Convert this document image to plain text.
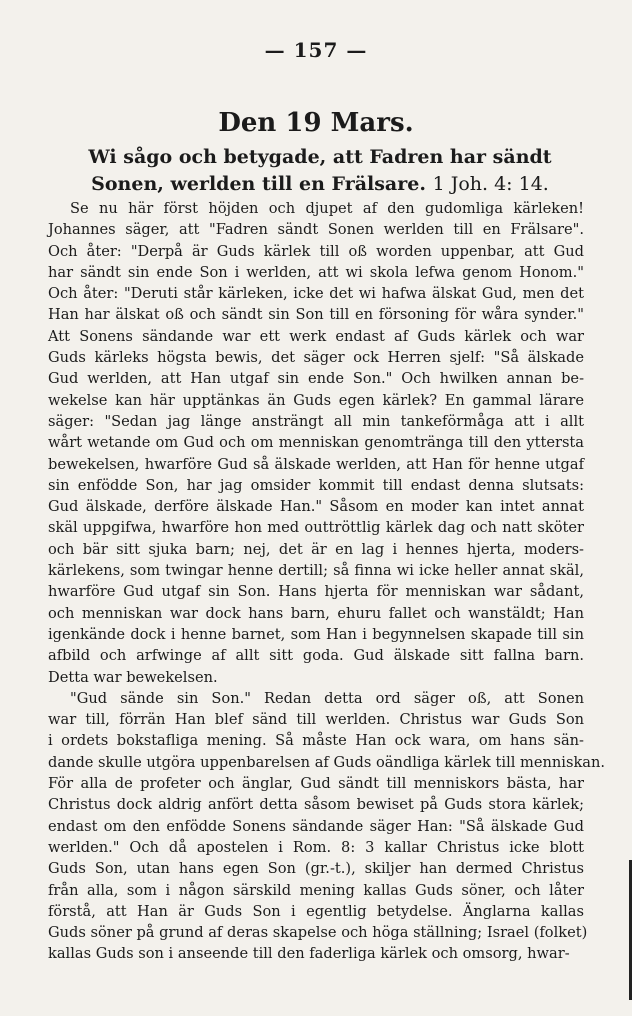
— 157 —
Den 19 Mars.
Wi sågo och betygade, att Fadren har sändt Sonen, werlden till en Frälsare. 1 Joh. 4: 14.
Se nu här först höjden och djupet af den gudomliga kärleken!
Johannes säger, att "Fadren sändt Sonen werlden till en Frälsare".
Och åter: "Derpå är Guds kärlek till oß worden uppenbar, att Gud
har sändt sin ende Son i werlden, att wi skola lefwa genom Honom."
Och åter: "Deruti står kärleken, icke det wi hafwa älskat Gud, men det
Han har älskat oß och sändt sin Son till en försoning för wåra synder."
Att Sonens sändande war ett werk endast af Guds kärlek och war
Guds kärleks högsta bewis, det säger ock Herren sjelf: "Så älskade
Gud werlden, att Han utgaf sin ende Son." Och hwilken annan be-
wekelse kan här upptänkas än Guds egen kärlek? En gammal lärare
säger: "Sedan jag länge ansträngt all min tankeförmåga att i allt
wårt wetande om Gud och om menniskan genomtränga till den yttersta
bewekelsen, hwarföre Gud så älskade werlden, att Han för henne utgaf
sin enfödde Son, har jag omsider kommit till endast denna slutsats:
Gud älskade, derföre älskade Han." Såsom en moder kan intet annat
skäl uppgifwa, hwarföre hon med outtröttlig kärlek dag och natt sköter
och bär sitt sjuka barn; nej, det är en lag i hennes hjerta, moders-
kärlekens, som twingar henne dertill; så finna wi icke heller annat skäl,
hwarföre Gud utgaf sin Son. Hans hjerta för menniskan war sådant,
och menniskan war dock hans barn, ehuru fallet och wanstäldt; Han
igenkände dock i henne barnet, som Han i begynnelsen skapade till sin
afbild och arfwinge af allt sitt goda. Gud älskade sitt fallna barn.
Detta war bewekelsen.
"Gud sände sin Son." Redan detta ord säger oß, att Sonen
war till, förrän Han blef sänd till werlden. Christus war Guds Son
i ordets bokstafliga mening. Så måste Han ock wara, om hans sän-
dande skulle utgöra uppenbarelsen af Guds oändliga kärlek till menniskan.
För alla de profeter och änglar, Gud sändt till menniskors bästa, har
Christus dock aldrig anfört detta såsom bewiset på Guds stora kärlek;
endast om den enfödde Sonens sändande säger Han: "Så älskade Gud
werlden." Och då apostelen i Rom. 8: 3 kallar Christus icke blott
Guds Son, utan hans egen Son (gr.-t.), skiljer han dermed Christus
från alla, som i någon särskild mening kallas Guds söner, och låter
förstå, att Han är Guds Son i egentlig betydelse. Änglarna kallas
Guds söner på grund af deras skapelse och höga ställning; Israel (folket)
kallas Guds son i anseende till den faderliga kärlek och omsorg, hwar-
